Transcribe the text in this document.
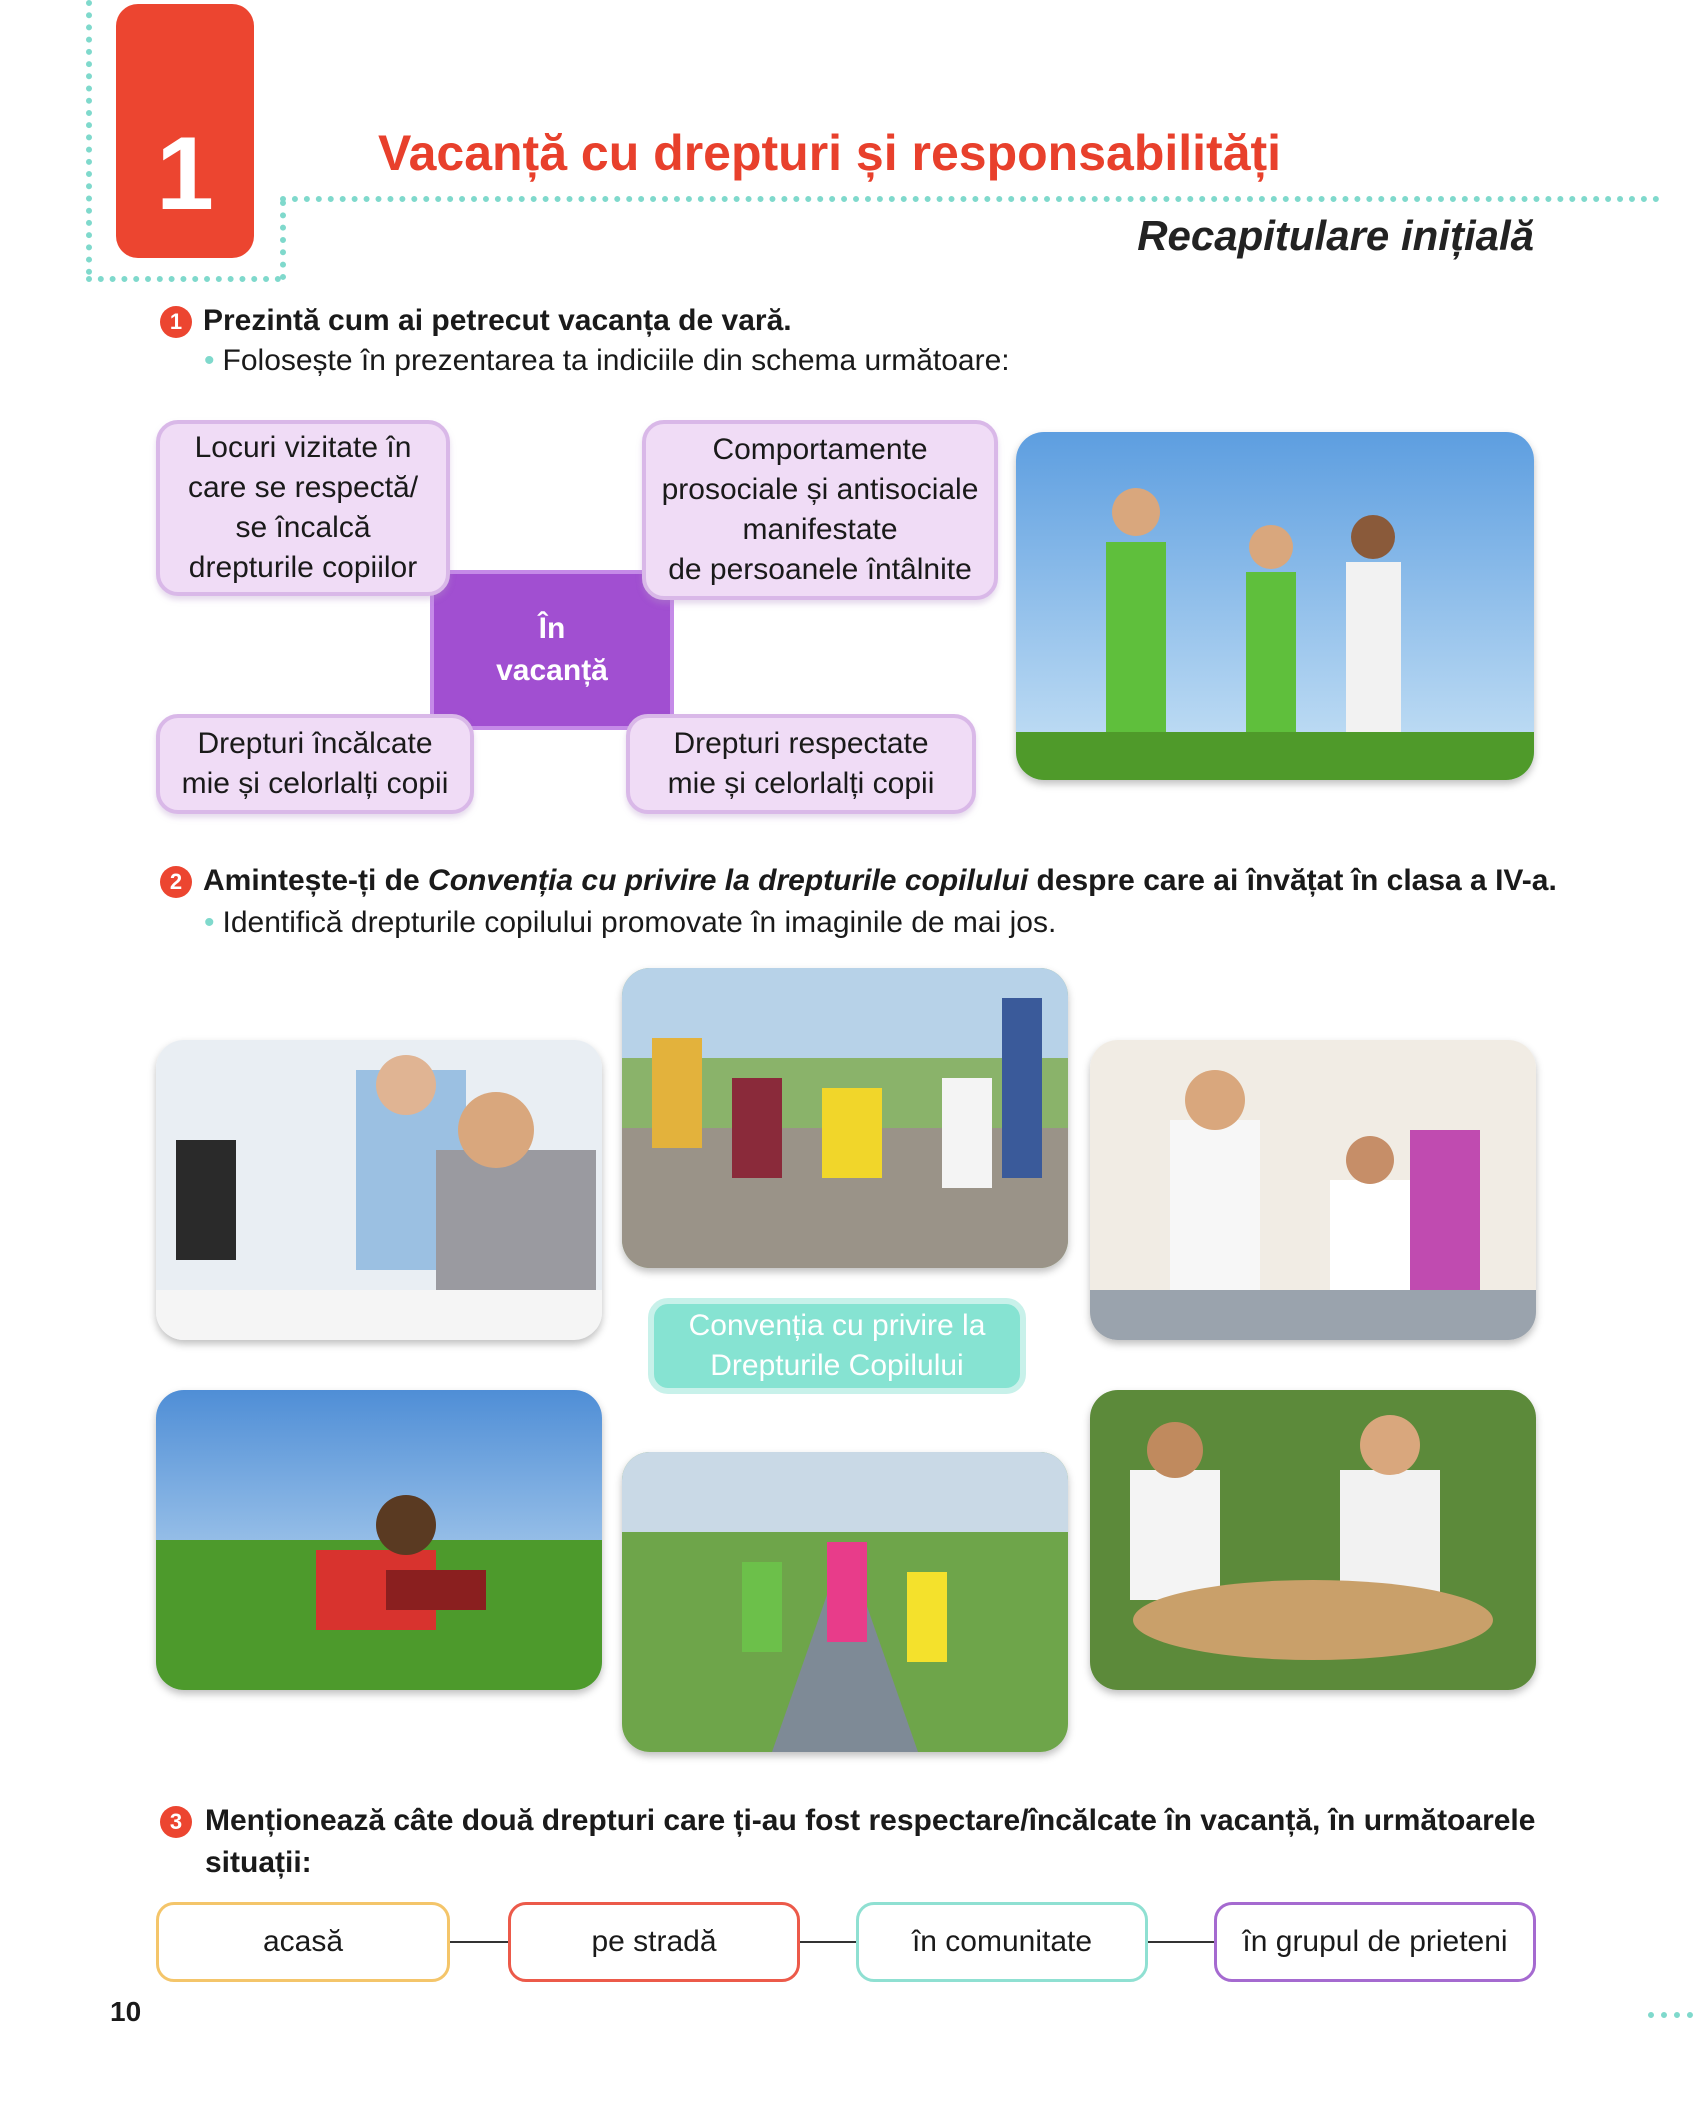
1	Vacanță cu drepturi și responsabilități
Recapitulare inițială
1 Prezintă cum ai petrecut vacanța de vară.
• Folosește în prezentarea ta indiciile din schema următoare:
În
vacanță
Locuri vizitate în
care se respectă/
se încalcă
drepturile copiilor
Comportamente
prosociale și antisociale
manifestate
de persoanele întâlnite
Drepturi încălcate
mie și celorlalți copii
Drepturi respectate
mie și celorlalți copii
2 Amintește-ți de Convenția cu privire la drepturile copilului despre care ai învățat în clasa a IV-a.
• Identifică drepturile copilului promovate în imaginile de mai jos.
Convenția cu privire la
Drepturile Copilului
3 Menționează câte două drepturi care ți-au fost respectare/încălcate în vacanță, în următoarele
situații:
acasă	pe stradă	în comunitate	în grupul de prieteni
10
